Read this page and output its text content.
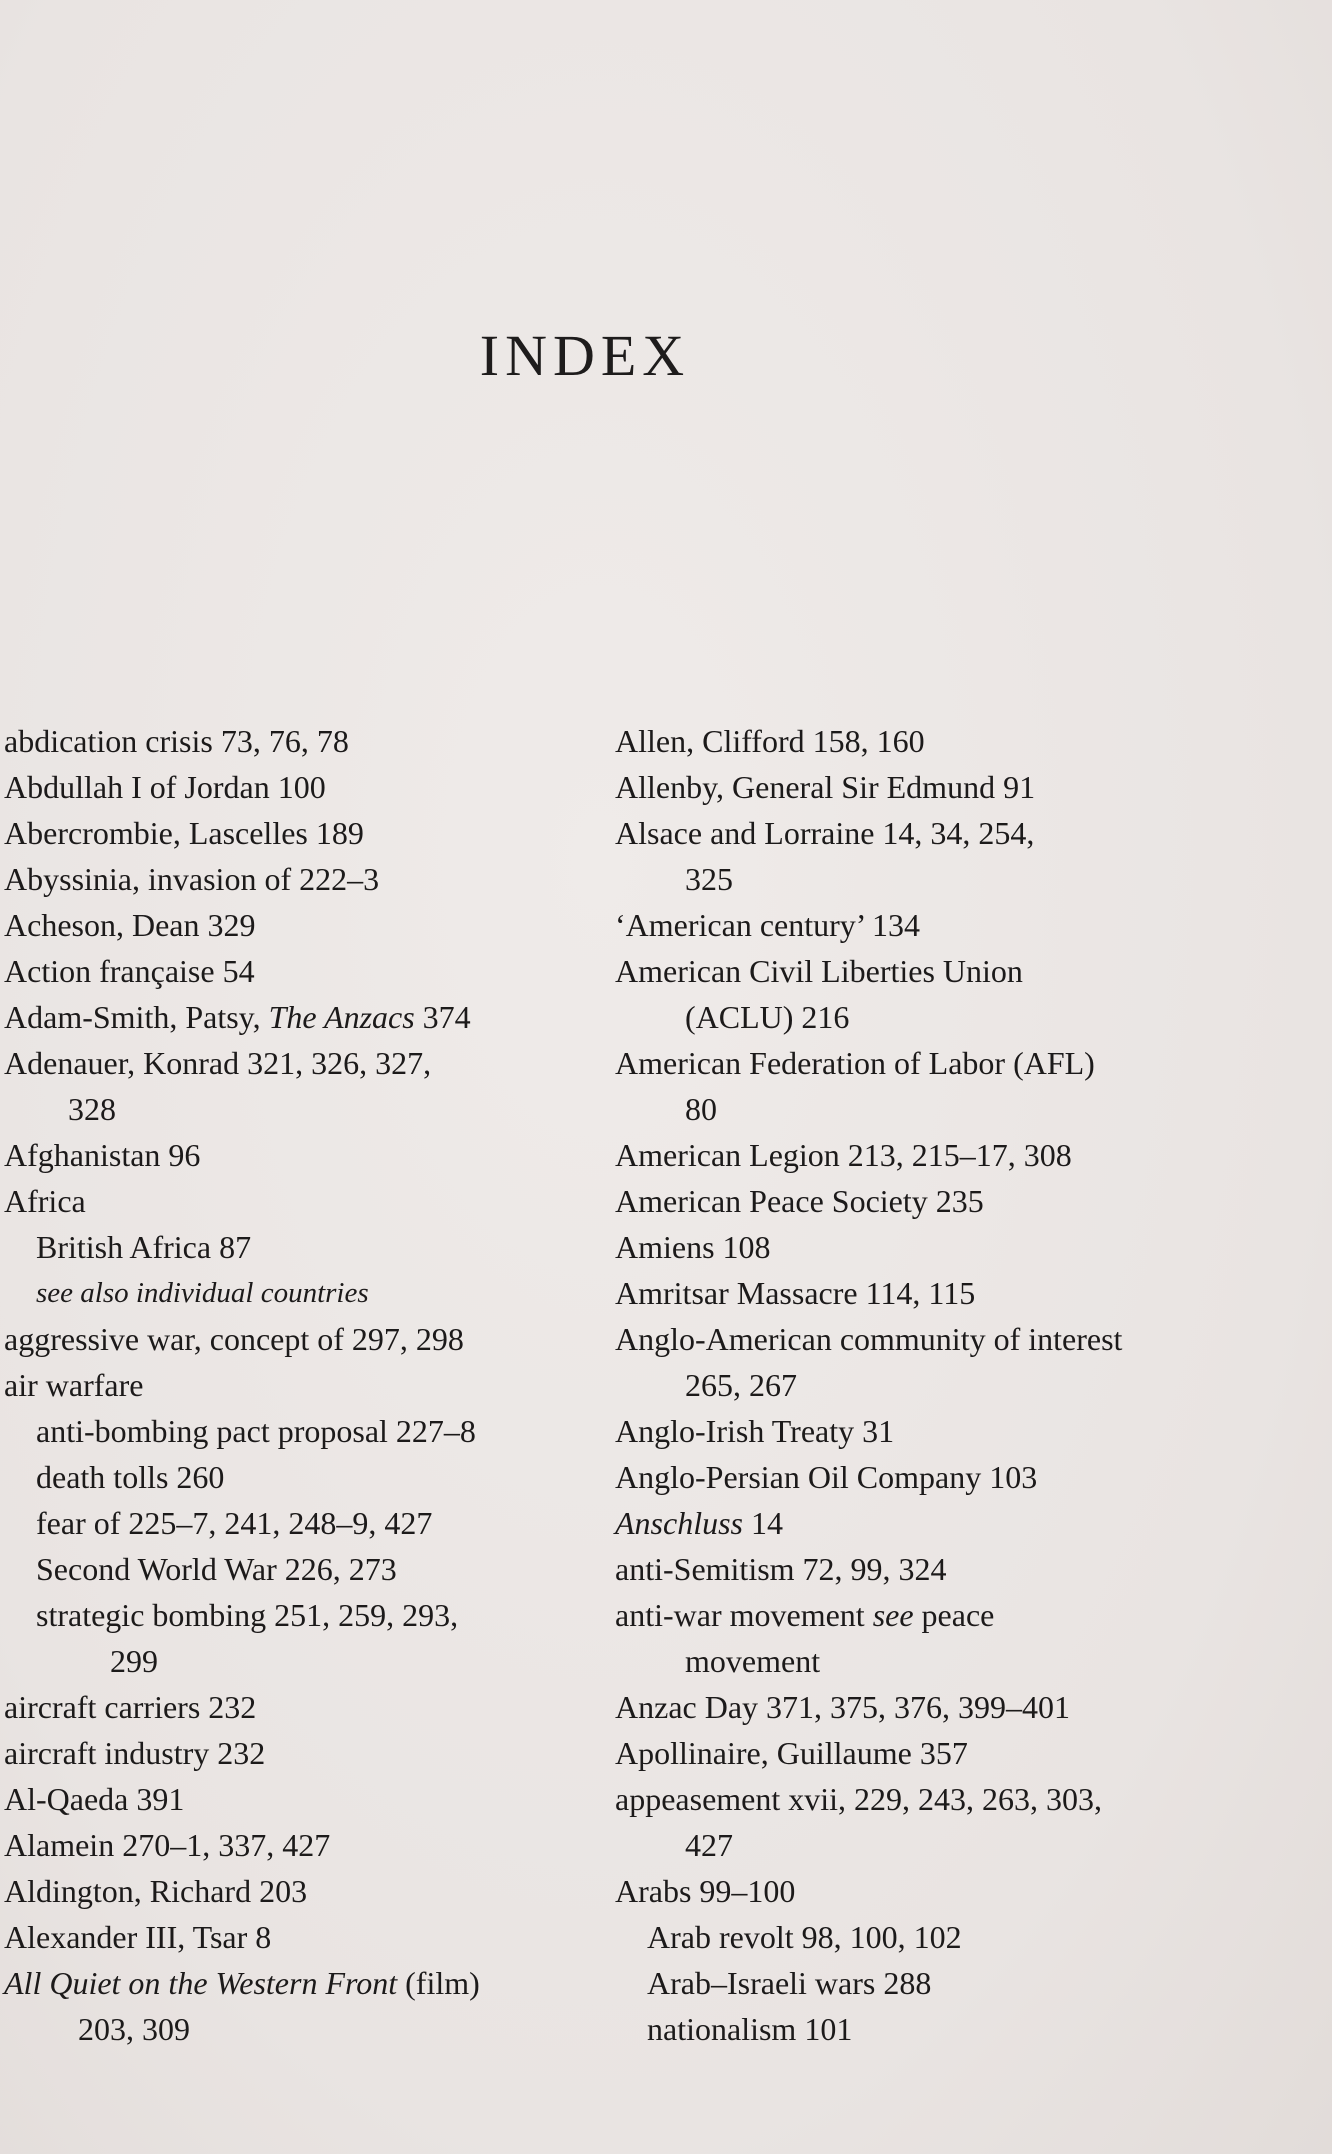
INDEX
abdication crisis 73, 76, 78
Abdullah I of Jordan 100
Abercrombie, Lascelles 189
Abyssinia, invasion of 222–3
Acheson, Dean 329
Action française 54
Adam-Smith, Patsy, The Anzacs 374
Adenauer, Konrad 321, 326, 327,
328
Afghanistan 96
Africa
British Africa 87
see also individual countries
aggressive war, concept of 297, 298
air warfare
anti-bombing pact proposal 227–8
death tolls 260
fear of 225–7, 241, 248–9, 427
Second World War 226, 273
strategic bombing 251, 259, 293,
299
aircraft carriers 232
aircraft industry 232
Al-Qaeda 391
Alamein 270–1, 337, 427
Aldington, Richard 203
Alexander III, Tsar 8
All Quiet on the Western Front (film)
203, 309
Allen, Clifford 158, 160
Allenby, General Sir Edmund 91
Alsace and Lorraine 14, 34, 254,
325
‘American century’ 134
American Civil Liberties Union
(ACLU) 216
American Federation of Labor (AFL)
80
American Legion 213, 215–17, 308
American Peace Society 235
Amiens 108
Amritsar Massacre 114, 115
Anglo-American community of interest
265, 267
Anglo-Irish Treaty 31
Anglo-Persian Oil Company 103
Anschluss 14
anti-Semitism 72, 99, 324
anti-war movement see peace
movement
Anzac Day 371, 375, 376, 399–401
Apollinaire, Guillaume 357
appeasement xvii, 229, 243, 263, 303,
427
Arabs 99–100
Arab revolt 98, 100, 102
Arab–Israeli wars 288
nationalism 101
